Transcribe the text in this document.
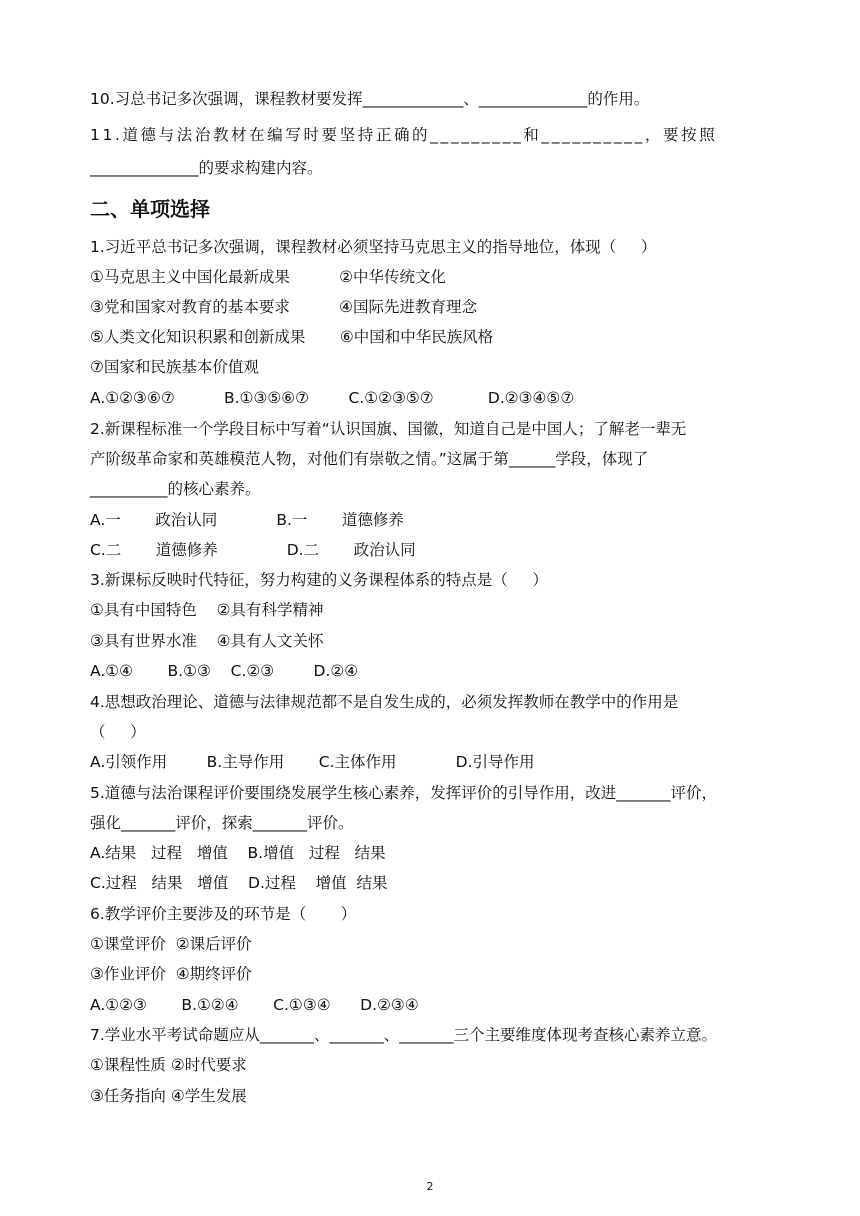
10.习总书记多次强调，课程教材要发挥_____________、______________的作用。
11.道德与法治教材在编写时要坚持正确的_________和__________，要按照
______________的要求构建内容。
二、单项选择
1.习近平总书记多次强调，课程教材必须坚持马克思主义的指导地位，体现（     ）
①马克思主义中国化最新成果          ②中华传统文化
③党和国家对教育的基本要求          ④国际先进教育理念
⑤人类文化知识积累和创新成果       ⑥中国和中华民族风格
⑦国家和民族基本价值观
A.①②③⑥⑦          B.①③⑤⑥⑦        C.①②③⑤⑦           D.②③④⑤⑦
2.新课程标准一个学段目标中写着“认识国旗、国徽，知道自己是中国人；了解老一辈无
产阶级革命家和英雄模范人物，对他们有崇敬之情。”这属于第______学段，体现了
__________的核心素养。
A.一       政治认同            B.一       道德修养
C.二       道德修养              D.二       政治认同
3.新课标反映时代特征，努力构建的义务课程体系的特点是（     ）
①具有中国特色    ②具有科学精神
③具有世界水准    ④具有人文关怀
A.①④       B.①③    C.②③        D.②④
4.思想政治理论、道德与法律规范都不是自发生成的，必须发挥教师在教学中的作用是
（     ）
A.引领作用        B.主导作用       C.主体作用            D.引导作用
5.道德与法治课程评价要围绕发展学生核心素养，发挥评价的引导作用，改进_______评价，
强化_______评价，探索_______评价。
A.结果   过程   增值    B.增值   过程   结果
C.过程   结果   增值    D.过程    增值  结果
6.教学评价主要涉及的环节是（       ）
①课堂评价  ②课后评价
③作业评价  ④期终评价
A.①②③       B.①②④       C.①③④      D.②③④
7.学业水平考试命题应从_______、_______、_______三个主要维度体现考查核心素养立意。
①课程性质 ②时代要求
③任务指向 ④学生发展
2
